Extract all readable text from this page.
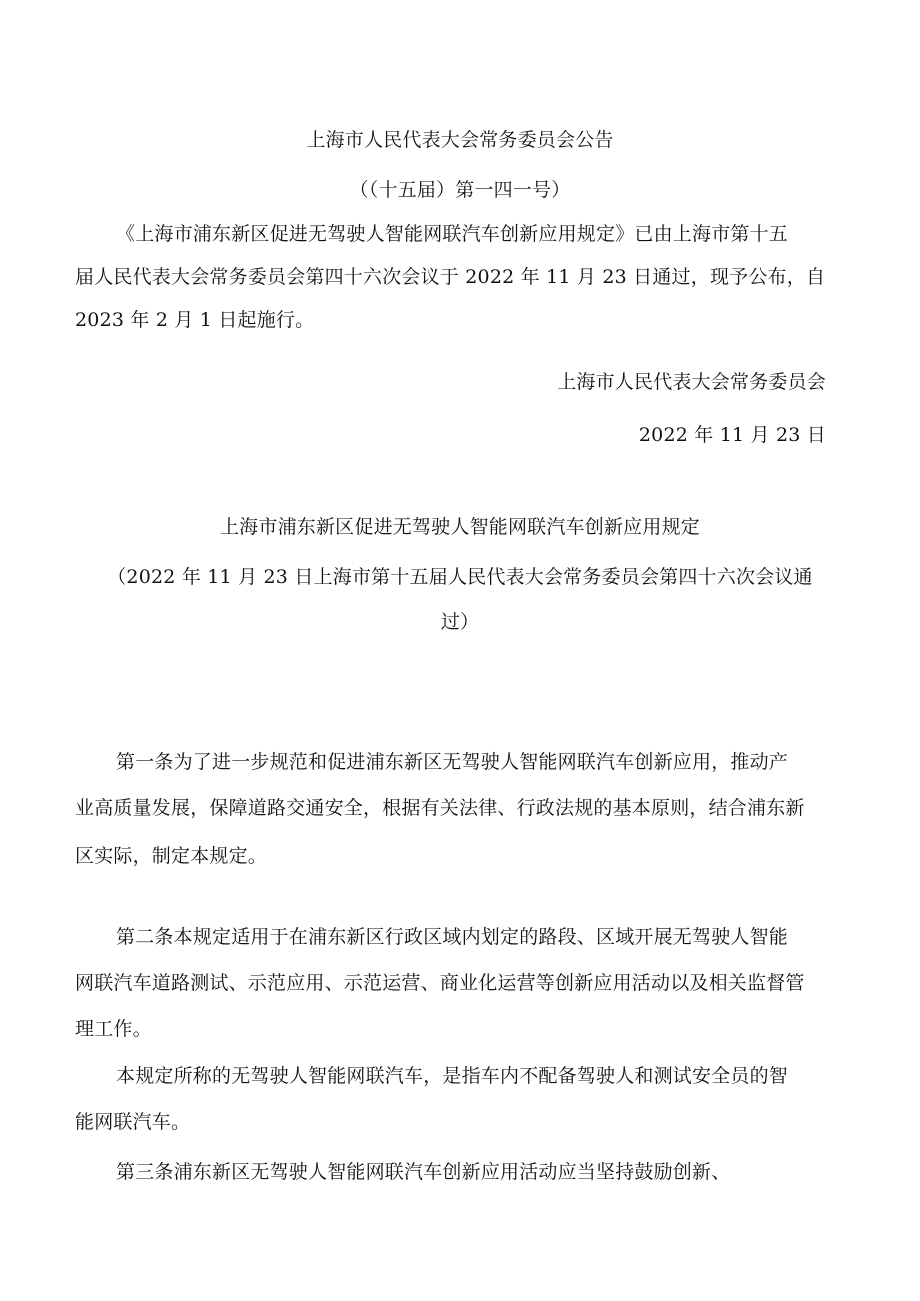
上海市人民代表大会常务委员会公告
（（十五届）第一四一号）
《上海市浦东新区促进无驾驶人智能网联汽车创新应用规定》已由上海市第十五
届人民代表大会常务委员会第四十六次会议于 2022 年 11 月 23 日通过，现予公布，自
2023 年 2 月 1 日起施行。
上海市人民代表大会常务委员会
2022 年 11 月 23 日
上海市浦东新区促进无驾驶人智能网联汽车创新应用规定
（2022 年 11 月 23 日上海市第十五届人民代表大会常务委员会第四十六次会议通
过）
第一条为了进一步规范和促进浦东新区无驾驶人智能网联汽车创新应用，推动产
业高质量发展，保障道路交通安全，根据有关法律、行政法规的基本原则，结合浦东新
区实际，制定本规定。
第二条本规定适用于在浦东新区行政区域内划定的路段、区域开展无驾驶人智能
网联汽车道路测试、示范应用、示范运营、商业化运营等创新应用活动以及相关监督管
理工作。
本规定所称的无驾驶人智能网联汽车，是指车内不配备驾驶人和测试安全员的智
能网联汽车。
第三条浦东新区无驾驶人智能网联汽车创新应用活动应当坚持鼓励创新、
